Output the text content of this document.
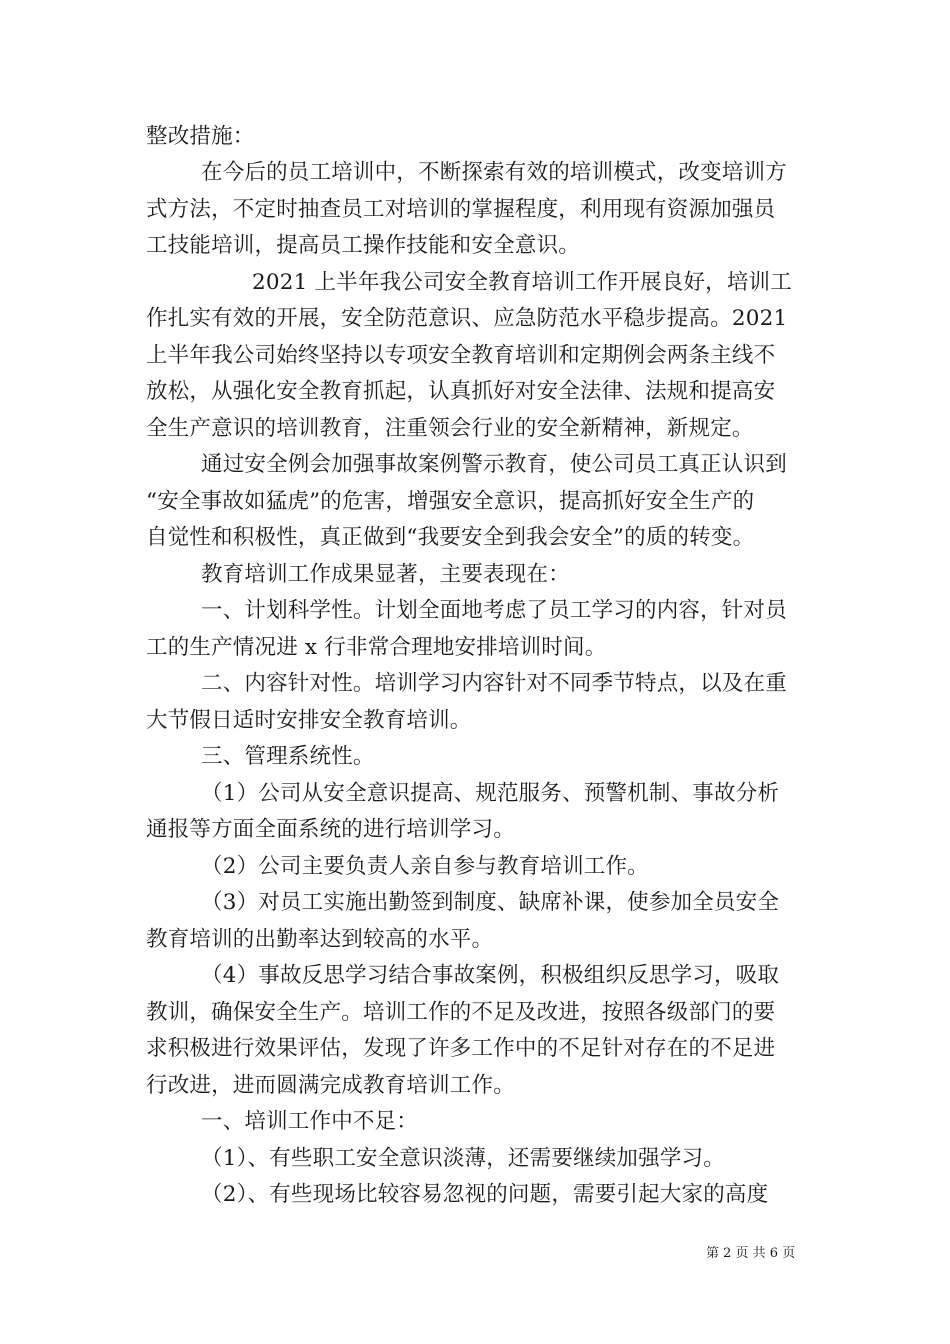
整改措施：
在今后的员工培训中，不断探索有效的培训模式，改变培训方
式方法，不定时抽查员工对培训的掌握程度，利用现有资源加强员
工技能培训，提高员工操作技能和安全意识。
2021 上半年我公司安全教育培训工作开展良好，培训工
作扎实有效的开展，安全防范意识、应急防范水平稳步提高。2021
上半年我公司始终坚持以专项安全教育培训和定期例会两条主线不
放松，从强化安全教育抓起，认真抓好对安全法律、法规和提高安
全生产意识的培训教育，注重领会行业的安全新精神，新规定。
通过安全例会加强事故案例警示教育，使公司员工真正认识到
“安全事故如猛虎”的危害，增强安全意识，提高抓好安全生产的
自觉性和积极性，真正做到“我要安全到我会安全”的质的转变。
教育培训工作成果显著，主要表现在：
一、计划科学性。计划全面地考虑了员工学习的内容，针对员
工的生产情况进 x 行非常合理地安排培训时间。
二、内容针对性。培训学习内容针对不同季节特点，以及在重
大节假日适时安排安全教育培训。
三、管理系统性。
（1）公司从安全意识提高、规范服务、预警机制、事故分析
通报等方面全面系统的进行培训学习。
（2）公司主要负责人亲自参与教育培训工作。
（3）对员工实施出勤签到制度、缺席补课，使参加全员安全
教育培训的出勤率达到较高的水平。
（4）事故反思学习结合事故案例，积极组织反思学习，吸取
教训，确保安全生产。培训工作的不足及改进，按照各级部门的要
求积极进行效果评估，发现了许多工作中的不足针对存在的不足进
行改进，进而圆满完成教育培训工作。
一、培训工作中不足：
（1）、有些职工安全意识淡薄，还需要继续加强学习。
（2）、有些现场比较容易忽视的问题，需要引起大家的高度
第 2 页 共 6 页
